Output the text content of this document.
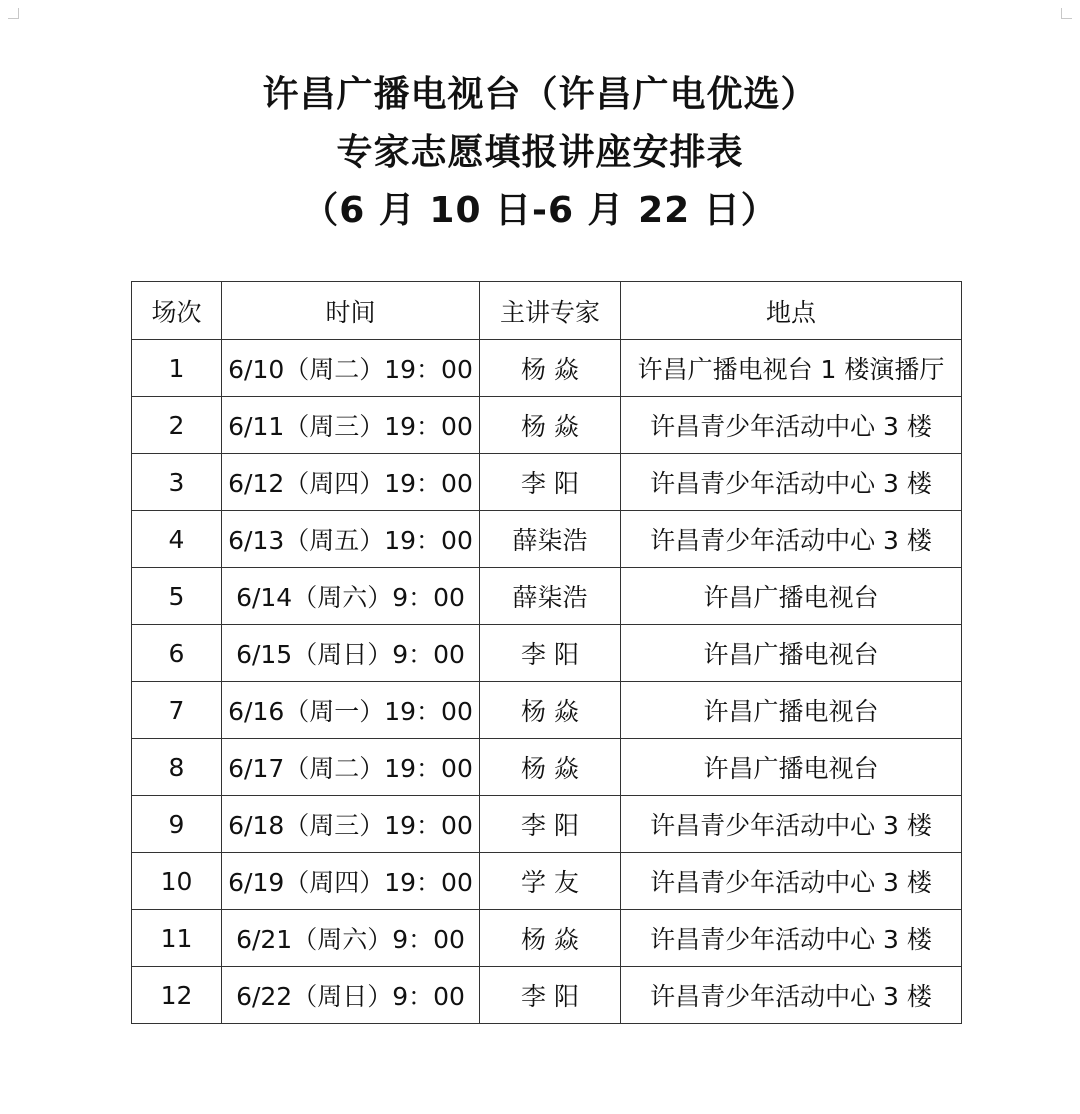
许昌广播电视台（许昌广电优选）
专家志愿填报讲座安排表
（6 月 10 日-6 月 22 日）
场次	时间	主讲专家	地点
1	6/10（周二）19：00	杨 焱	许昌广播电视台 1 楼演播厅
2	6/11（周三）19：00	杨 焱	许昌青少年活动中心 3 楼
3	6/12（周四）19：00	李 阳	许昌青少年活动中心 3 楼
4	6/13（周五）19：00	薛柒浩	许昌青少年活动中心 3 楼
5	6/14（周六）9：00	薛柒浩	许昌广播电视台
6	6/15（周日）9：00	李 阳	许昌广播电视台
7	6/16（周一）19：00	杨 焱	许昌广播电视台
8	6/17（周二）19：00	杨 焱	许昌广播电视台
9	6/18（周三）19：00	李 阳	许昌青少年活动中心 3 楼
10	6/19（周四）19：00	学 友	许昌青少年活动中心 3 楼
11	6/21（周六）9：00	杨 焱	许昌青少年活动中心 3 楼
12	6/22（周日）9：00	李 阳	许昌青少年活动中心 3 楼
